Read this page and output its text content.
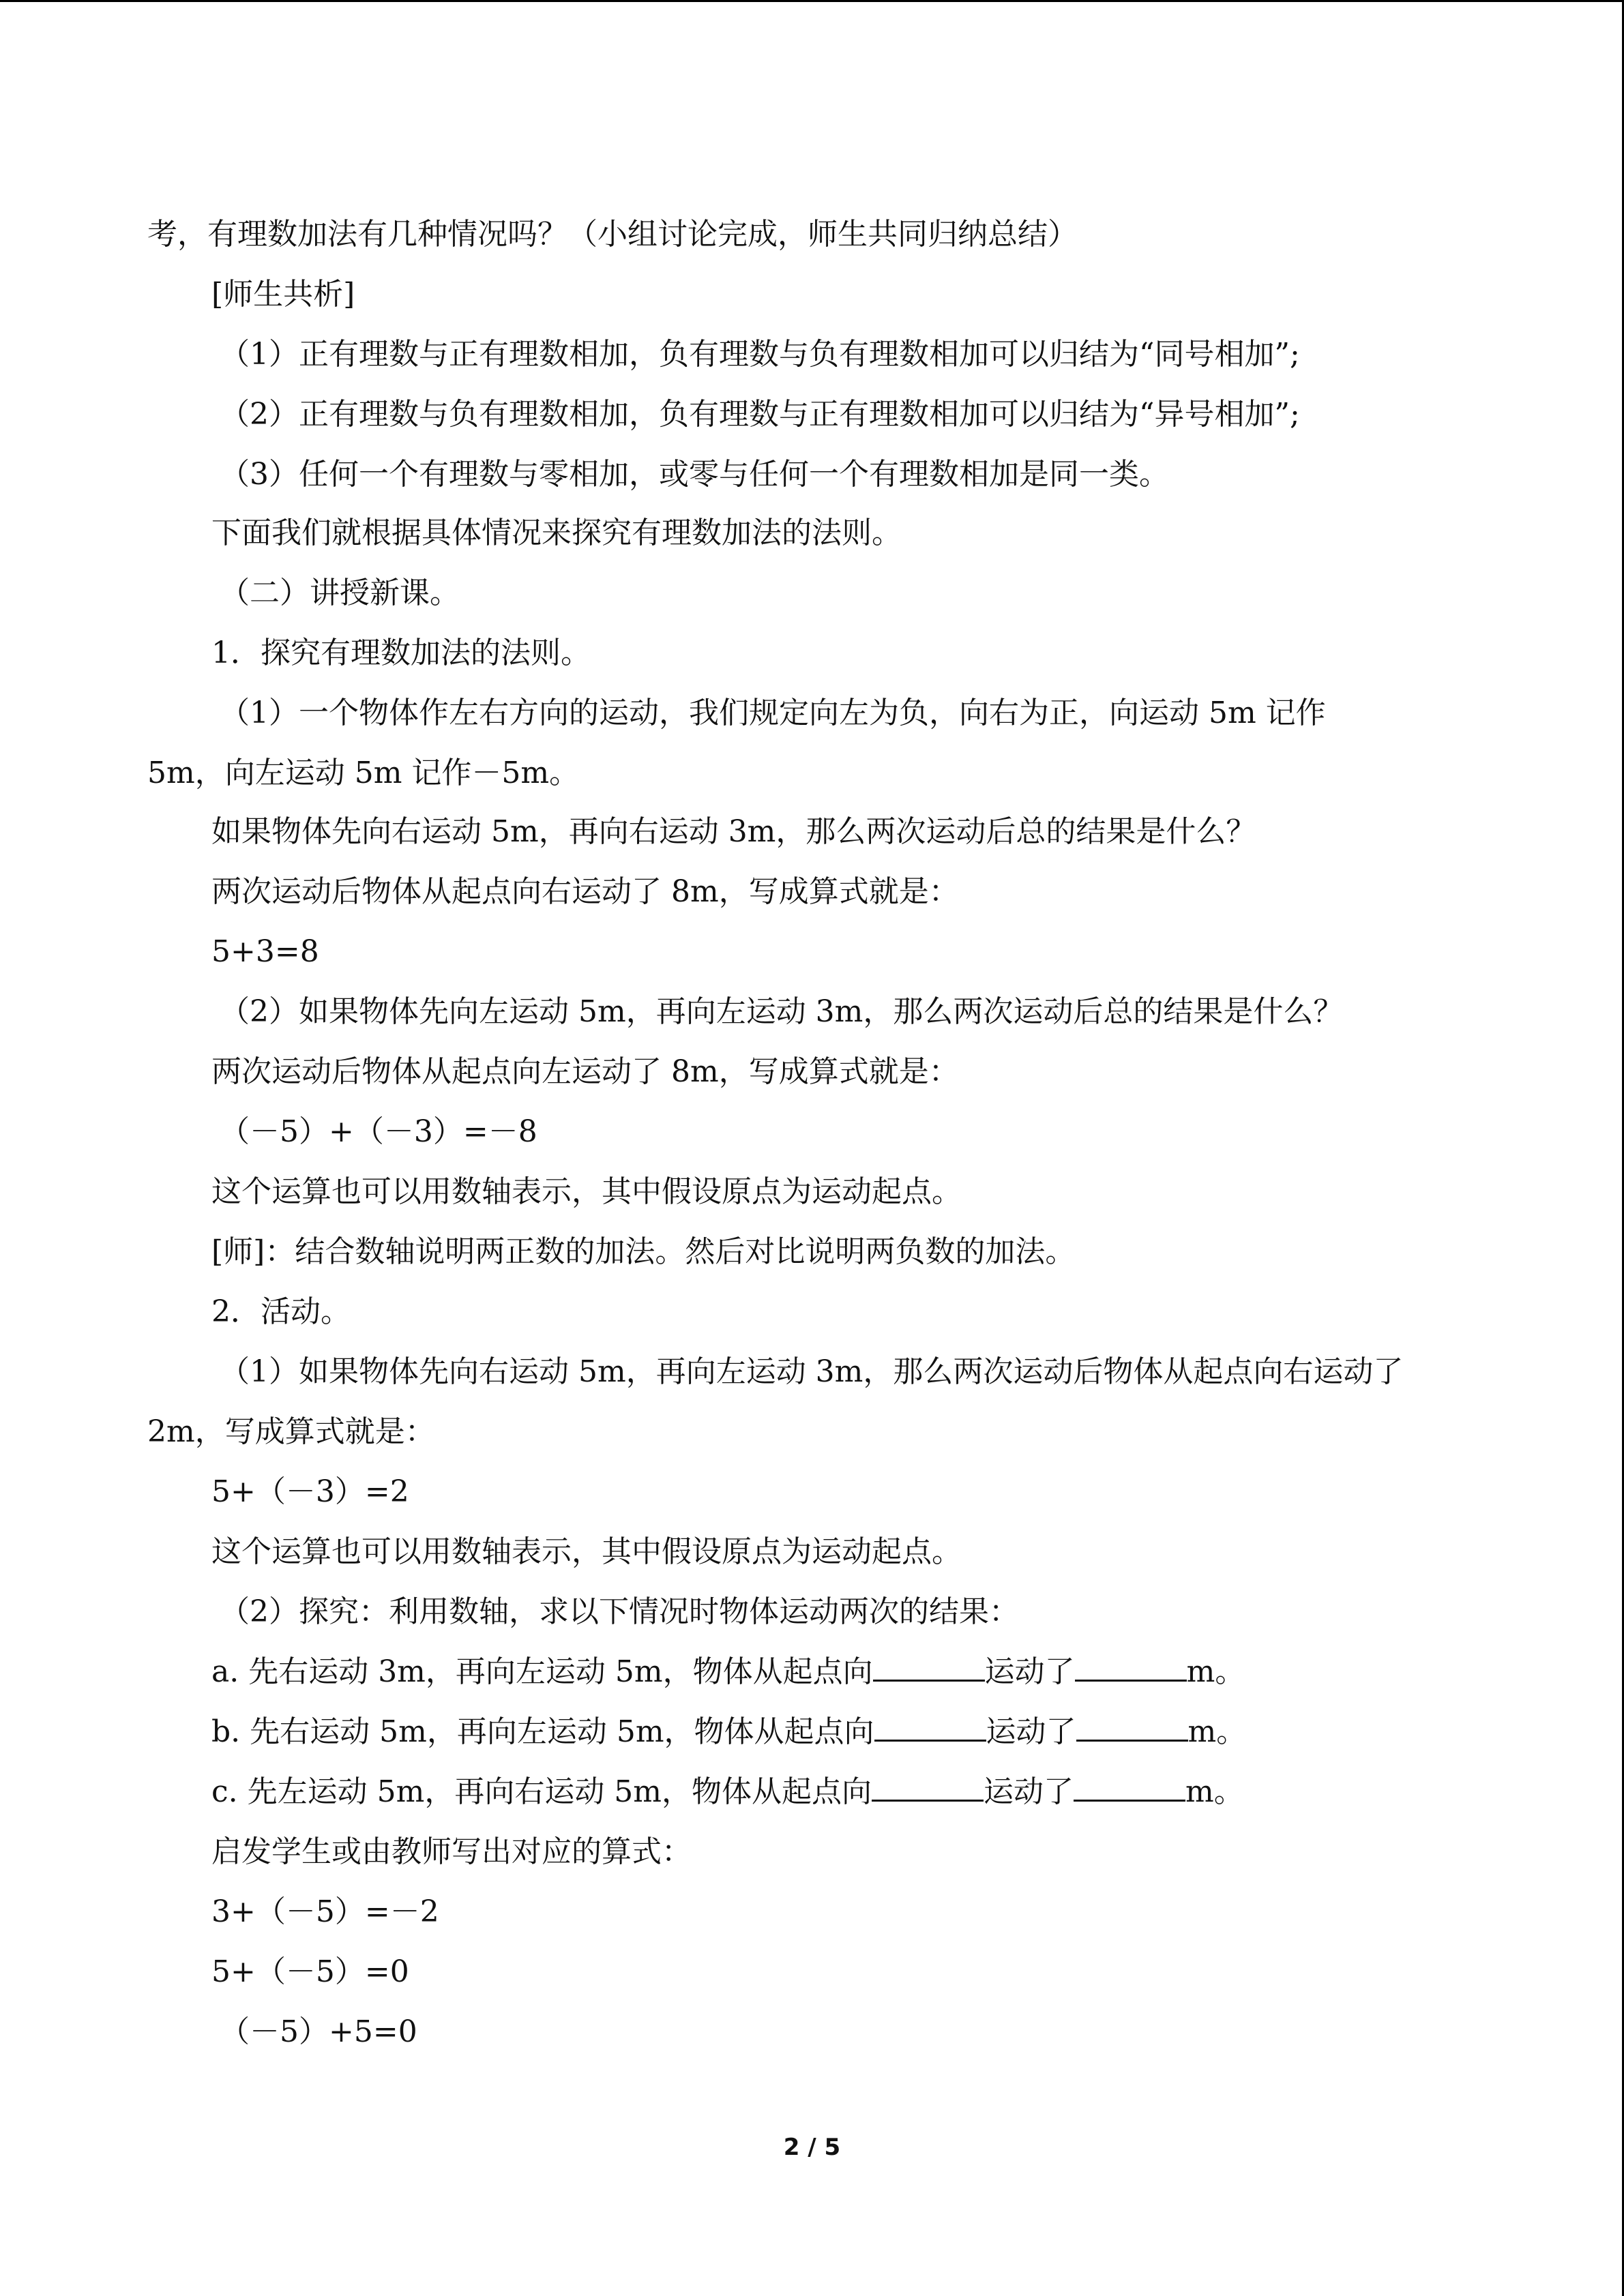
考，有理数加法有几种情况吗？（小组讨论完成，师生共同归纳总结）
[师生共析]
（1）正有理数与正有理数相加，负有理数与负有理数相加可以归结为“同号相加”;
（2）正有理数与负有理数相加，负有理数与正有理数相加可以归结为“异号相加”;
（3）任何一个有理数与零相加，或零与任何一个有理数相加是同一类。
下面我们就根据具体情况来探究有理数加法的法则。
（二）讲授新课。
1．探究有理数加法的法则。
（1）一个物体作左右方向的运动，我们规定向左为负，向右为正，向运动 5m 记作
5m，向左运动 5m 记作－5m。
如果物体先向右运动 5m，再向右运动 3m，那么两次运动后总的结果是什么？
两次运动后物体从起点向右运动了 8m，写成算式就是：
5+3=8
（2）如果物体先向左运动 5m，再向左运动 3m，那么两次运动后总的结果是什么？
两次运动后物体从起点向左运动了 8m，写成算式就是：
（－5）+（－3）=－8
这个运算也可以用数轴表示，其中假设原点为运动起点。
[师]：结合数轴说明两正数的加法。然后对比说明两负数的加法。
2．活动。
（1）如果物体先向右运动 5m，再向左运动 3m，那么两次运动后物体从起点向右运动了
2m，写成算式就是：
5+（－3）=2
这个运算也可以用数轴表示，其中假设原点为运动起点。
（2）探究：利用数轴，求以下情况时物体运动两次的结果：
a. 先右运动 3m，再向左运动 5m，物体从起点向	运动了	m。
b. 先右运动 5m，再向左运动 5m，物体从起点向	运动了	m。
c. 先左运动 5m，再向右运动 5m，物体从起点向	运动了	m。
启发学生或由教师写出对应的算式：
3+（－5）=－2
5+（－5）=0
（－5）+5=0
2 / 5
